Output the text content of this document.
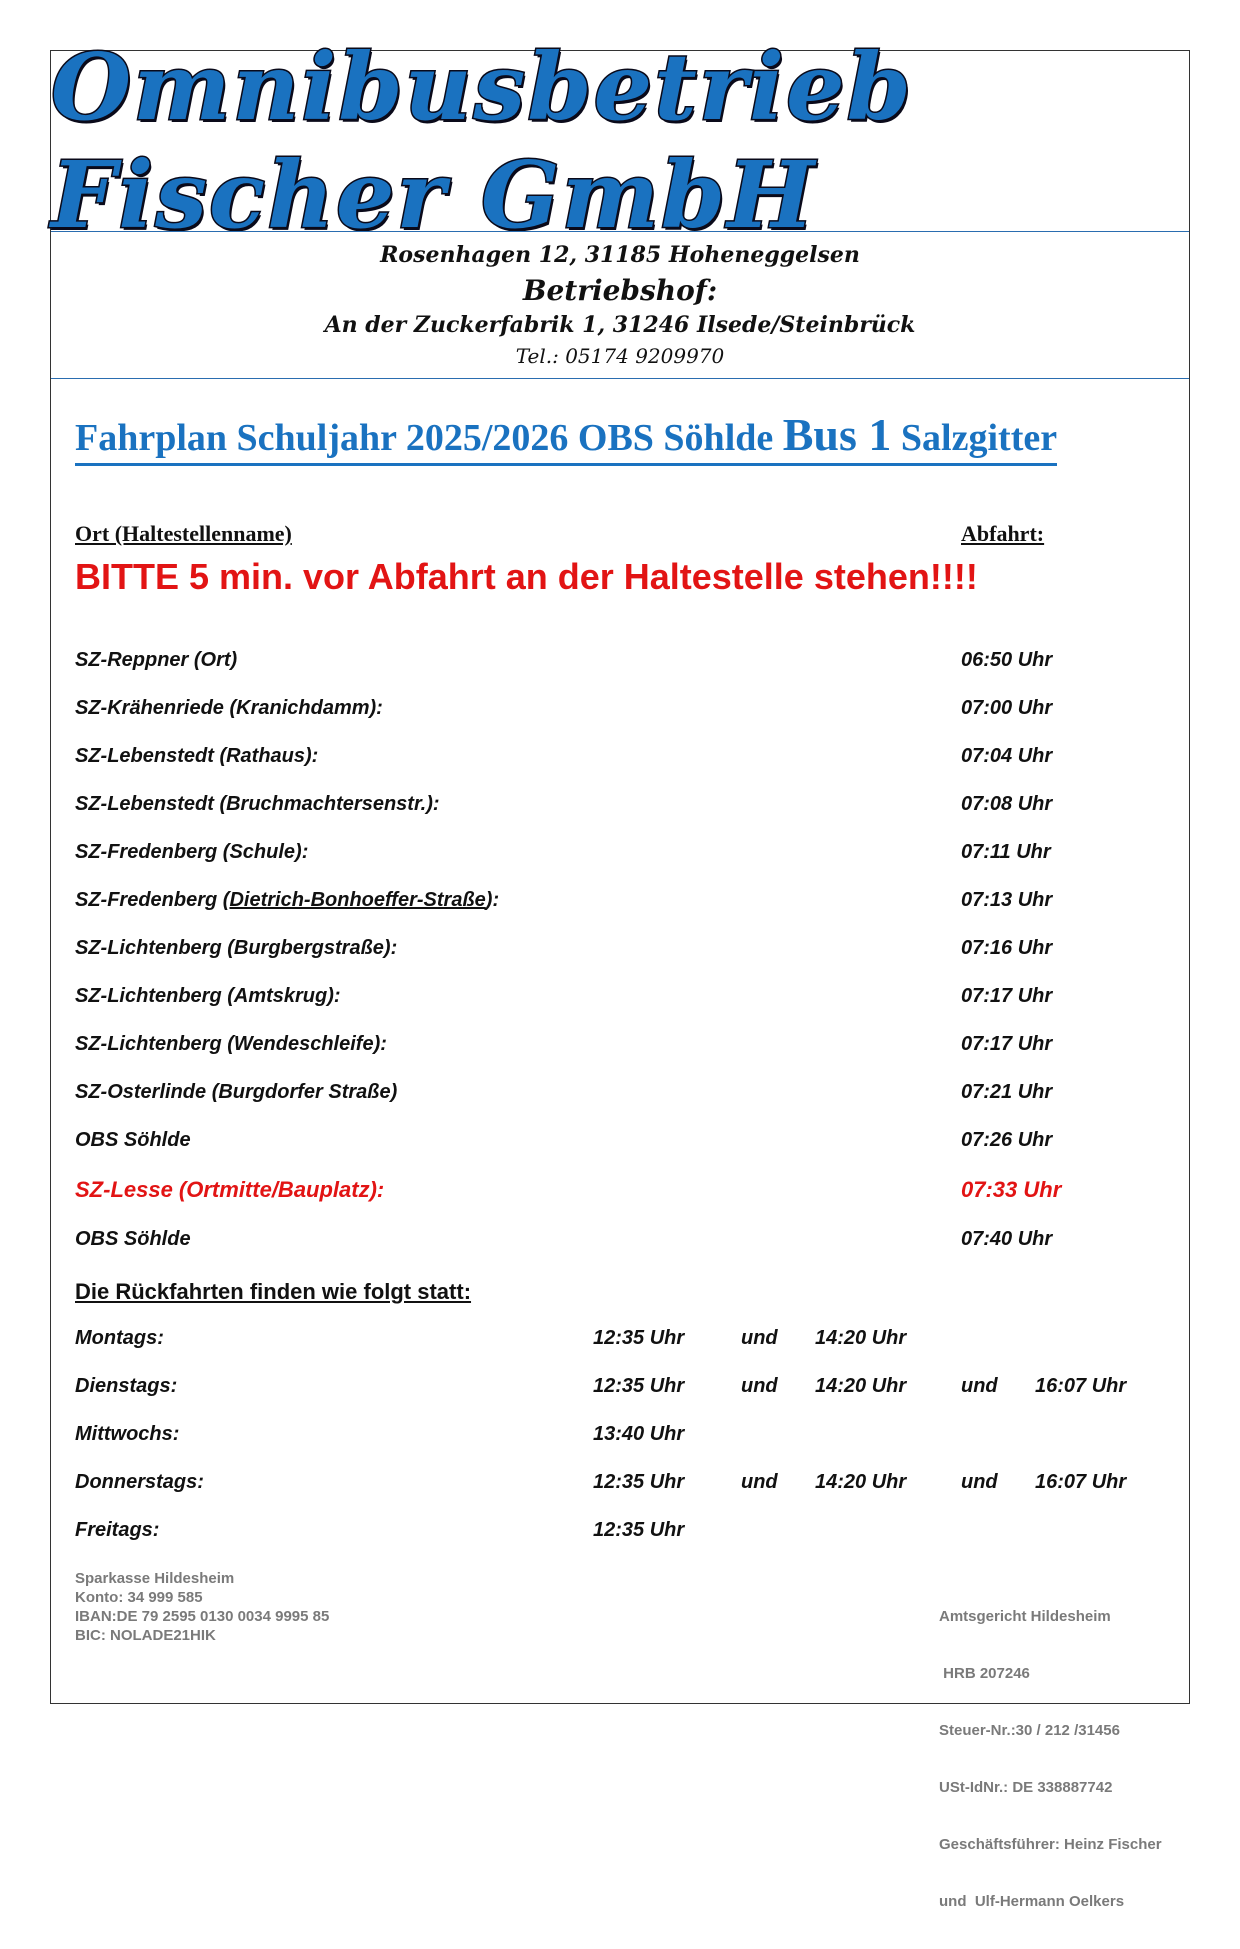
Omnibusbetrieb Fischer GmbH
Rosenhagen 12, 31185 Hoheneggelsen
Betriebshof:
An der Zuckerfabrik 1, 31246 Ilsede/Steinbrück
Tel.: 05174 9209970
Fahrplan Schuljahr 2025/2026 OBS Söhlde Bus 1 Salzgitter
Ort (Haltestellenname)	Abfahrt:
BITTE 5 min. vor Abfahrt an der Haltestelle stehen!!!!
SZ-Reppner (Ort)	06:50 Uhr
SZ-Krähenriede (Kranichdamm):	07:00 Uhr
SZ-Lebenstedt (Rathaus):	07:04 Uhr
SZ-Lebenstedt (Bruchmachtersenstr.):	07:08 Uhr
SZ-Fredenberg (Schule):	07:11 Uhr
SZ-Fredenberg (Dietrich-Bonhoeffer-Straße):	07:13 Uhr
SZ-Lichtenberg (Burgbergstraße):	07:16 Uhr
SZ-Lichtenberg (Amtskrug):	07:17 Uhr
SZ-Lichtenberg (Wendeschleife):	07:17 Uhr
SZ-Osterlinde (Burgdorfer Straße)	07:21 Uhr
OBS Söhlde	07:26 Uhr
SZ-Lesse (Ortmitte/Bauplatz):	07:33 Uhr
OBS Söhlde	07:40 Uhr
Die Rückfahrten finden wie folgt statt:
Montags:	12:35 Uhr	und 14:20 Uhr
Dienstags:	12:35 Uhr	und 14:20 Uhr	und 16:07 Uhr
Mittwochs:	13:40 Uhr
Donnerstags:	12:35 Uhr	und 14:20 Uhr	und 16:07 Uhr
Freitags:	12:35 Uhr
Sparkasse Hildesheim
Konto: 34 999 585
IBAN:DE 79 2595 0130 0034 9995 85
BIC: NOLADE21HIK

Amtsgericht Hildesheim

HRB 207246

Steuer-Nr.:30 / 212 /31456

USt-IdNr.: DE 338887742

Geschäftsführer: Heinz Fischer

und  Ulf-Hermann Oelkers
